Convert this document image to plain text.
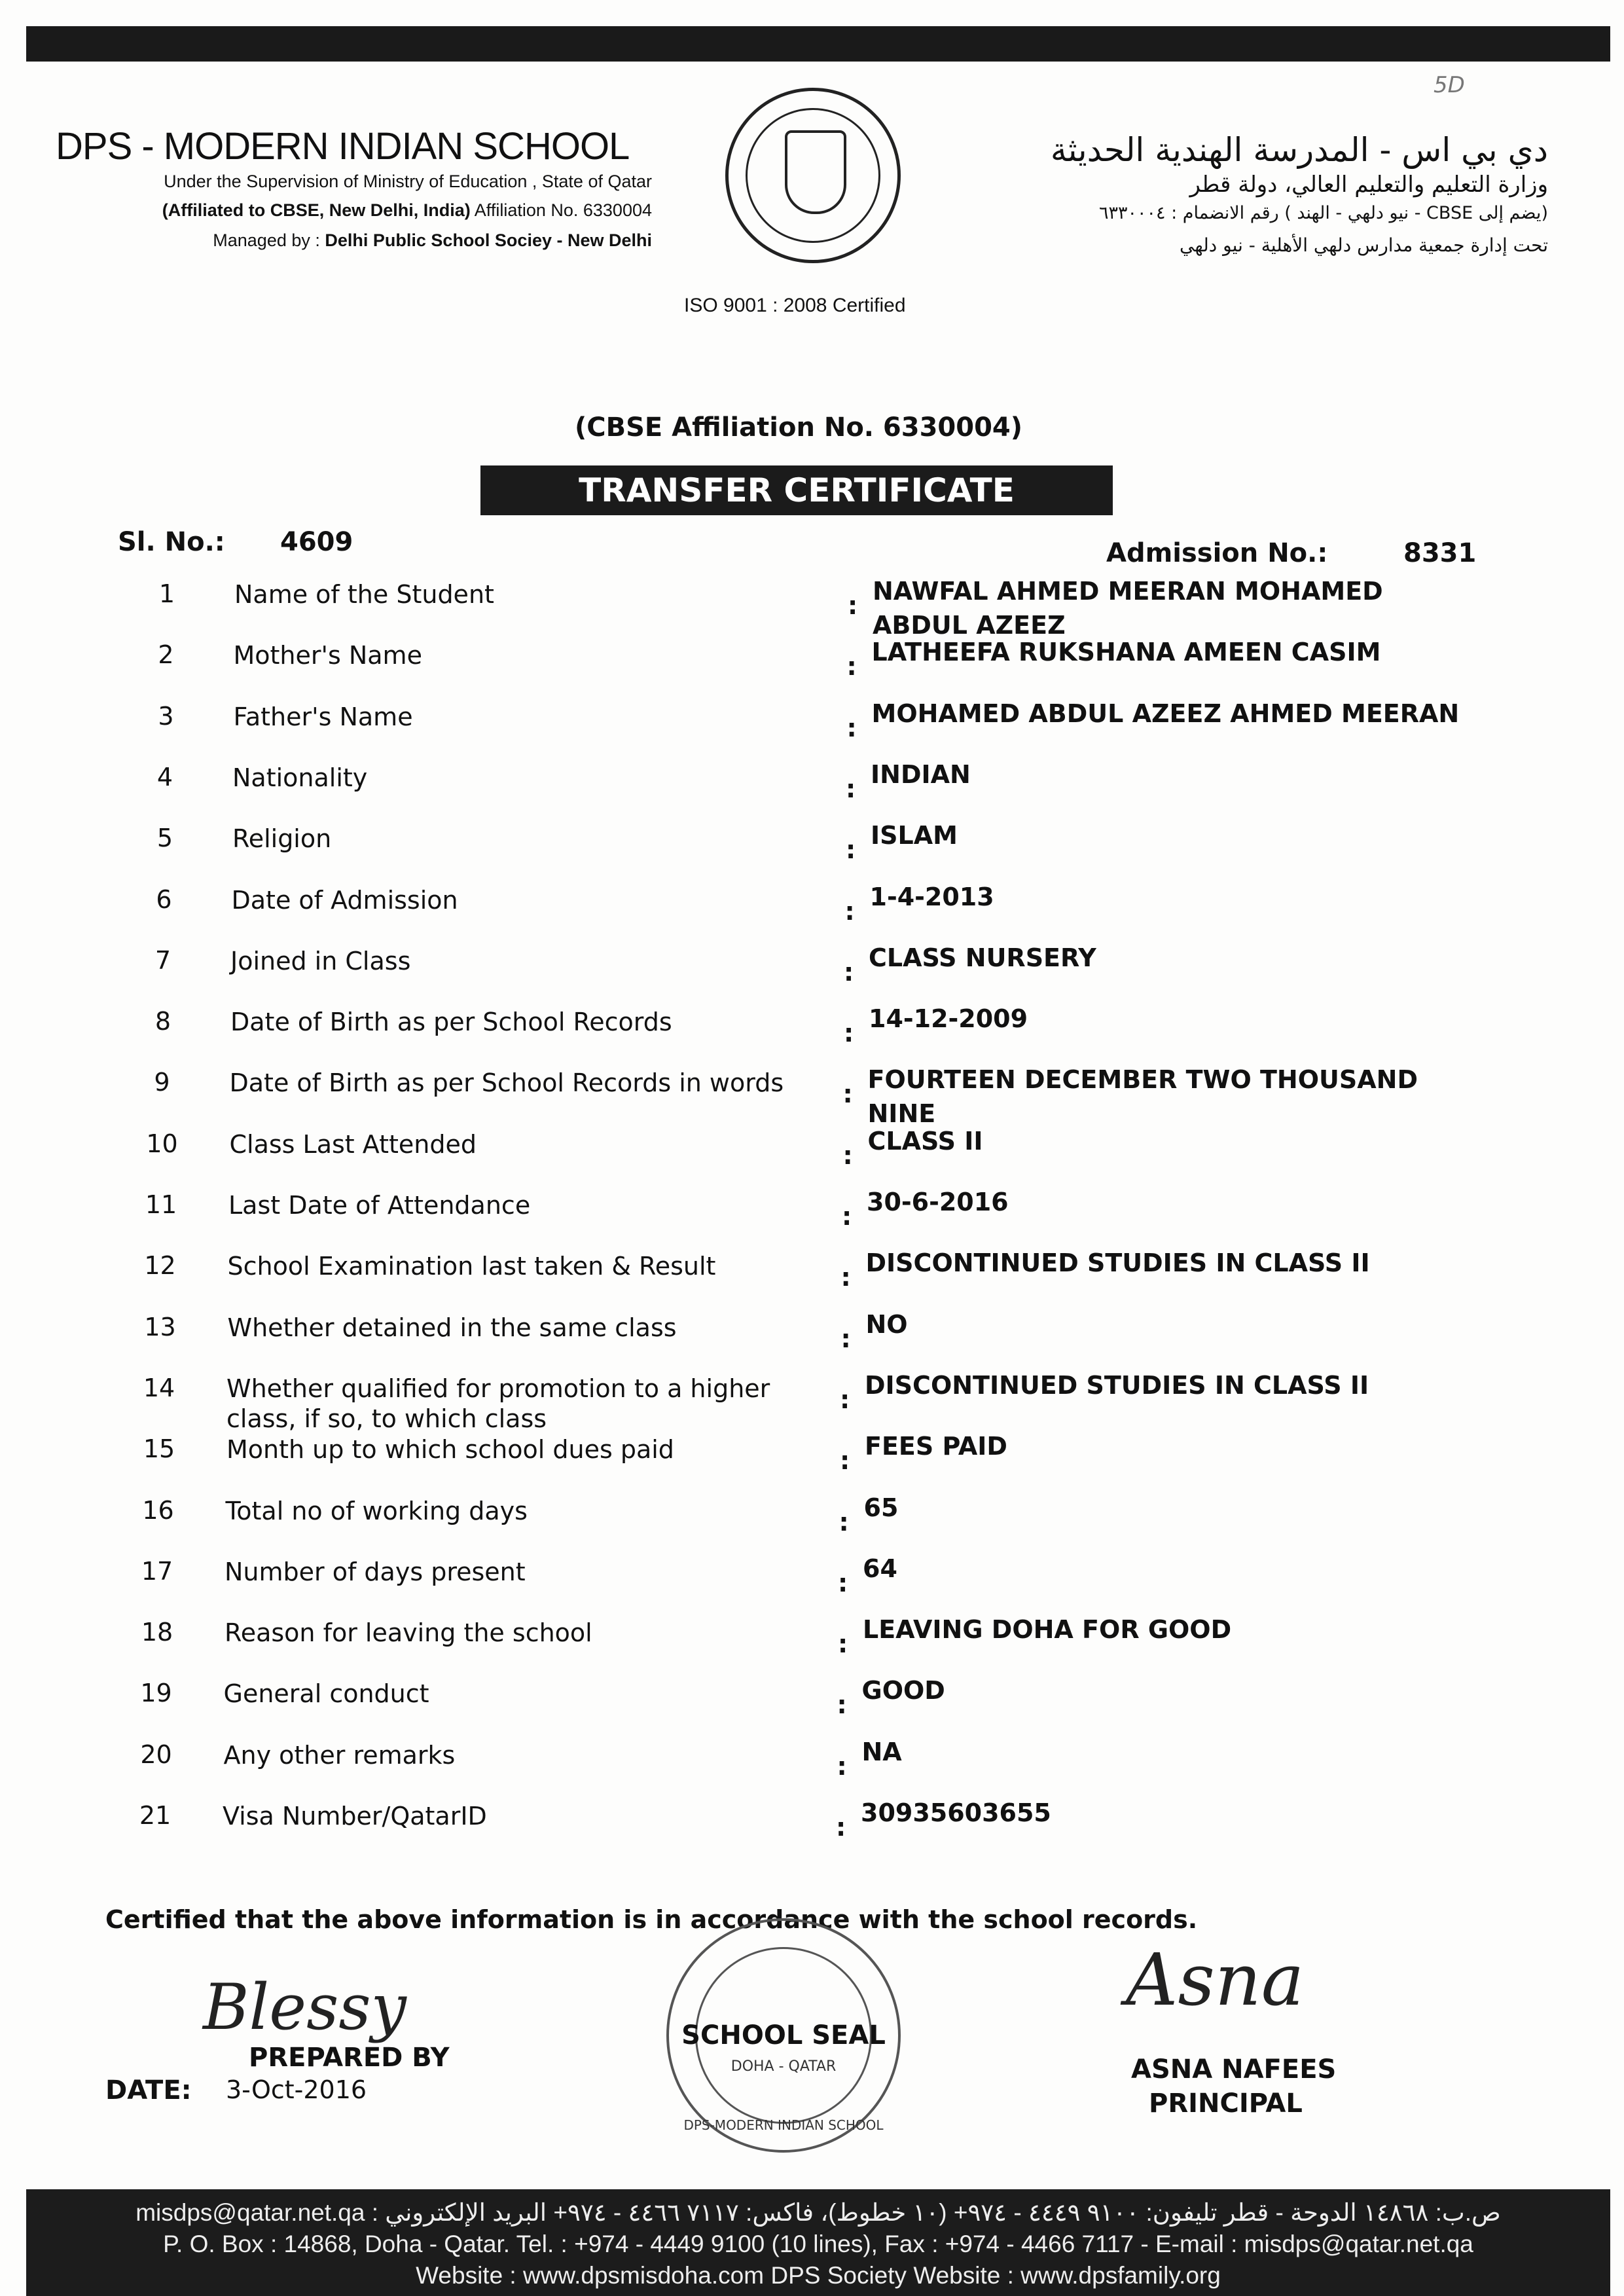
5D
DPS - MODERN INDIAN SCHOOL
Under the Supervision of Ministry of Education , State of Qatar
(Affiliated to CBSE, New Delhi, India) Affiliation No. 6330004
Managed by : Delhi Public School Sociey - New Delhi
دي بي اس - المدرسة الهندية الحديثة
وزارة التعليم والتعليم العالي، دولة قطر
(يضم إلى CBSE - نيو دلهي - الهند ) رقم الانضمام : ٦٣٣٠٠٠٤
تحت إدارة جمعية مدارس دلهي الأهلية - نيو دلهي
ISO 9001 : 2008 Certified
(CBSE Affiliation No. 6330004)
TRANSFER CERTIFICATE
Sl. No.: 4609	Admission No.:	8331
1	Name of the Student	: NAWFAL AHMED MEERAN MOHAMED ABDUL AZEEZ
2	Mother's Name	: LATHEEFA RUKSHANA AMEEN CASIM
3	Father's Name	: MOHAMED ABDUL AZEEZ AHMED MEERAN
4	Nationality	: INDIAN
5	Religion	: ISLAM
6	Date of Admission	: 1-4-2013
7	Joined in Class	: CLASS NURSERY
8	Date of Birth as per School Records	: 14-12-2009
9	Date of Birth as per School Records in words	: FOURTEEN DECEMBER TWO THOUSAND NINE
10 Class Last Attended	: CLASS II
11 Last Date of Attendance	: 30-6-2016
12 School Examination last taken & Result	: DISCONTINUED STUDIES IN CLASS II
13 Whether detained in the same class	: NO
14 Whether qualified for promotion to a higher class, if so, to which class
: DISCONTINUED STUDIES IN CLASS II
15 Month up to which school dues paid	: FEES PAID
16 Total no of working days	: 65
17 Number of days present	: 64
18 Reason for leaving the school	: LEAVING DOHA FOR GOOD
19 General conduct	: GOOD
20 Any other remarks	: NA
21 Visa Number/QatarID	: 30935603655
Certified that the above information is in accordance with the school records.
Blessy
PREPARED BY
DATE: 3-Oct-2016
SCHOOL SEAL
DOHA - QATAR
DPS-MODERN INDIAN SCHOOL
Asna
ASNA NAFEES
PRINCIPAL
ص.ب: ١٤٨٦٨ الدوحة - قطر تليفون: ٩١٠٠ ٤٤٤٩ - ٩٧٤+ (١٠ خطوط)، فاكس: ٧١١٧ ٤٤٦٦ - ٩٧٤+ البريد الإلكتروني : misdps@qatar.net.qa
P. O. Box : 14868, Doha - Qatar. Tel. : +974 - 4449 9100 (10 lines), Fax : +974 - 4466 7117 - E-mail : misdps@qatar.net.qa
Website : www.dpsmisdoha.com DPS Society Website : www.dpsfamily.org
